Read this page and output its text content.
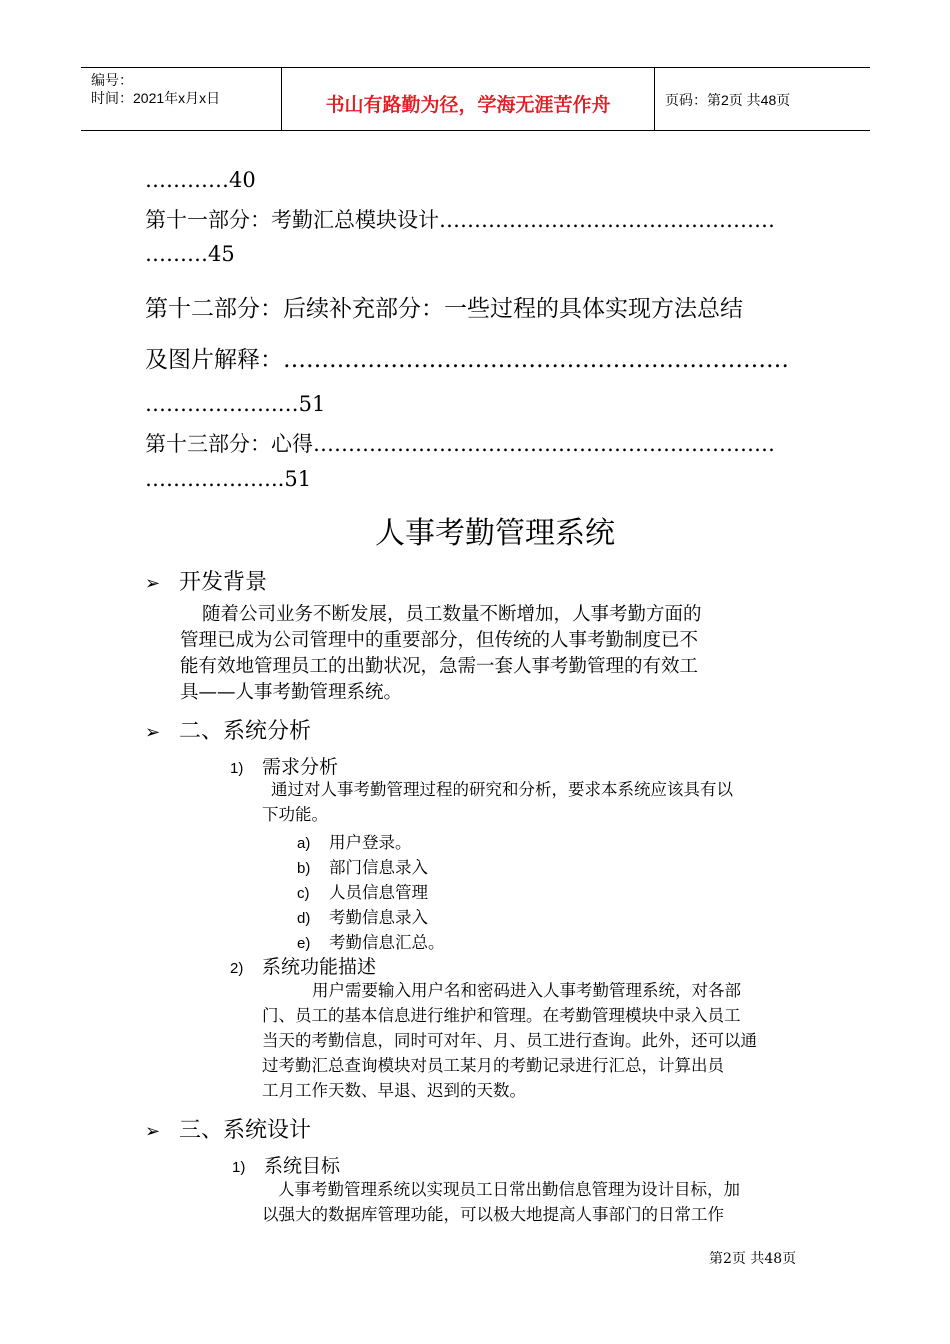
编号：
时间：2021年x月x日	书山有路勤为径，学海无涯苦作舟	页码：第2页 共48页
…………40
第十一部分：考勤汇总模块设计…………………………………………
………45
第十二部分：后续补充部分：一些过程的具体实现方法总结
及图片解释：…………………………………………………………
……………….…51
第十三部分：心得…………………………………………………………
………………..51
人事考勤管理系统
➢ 开发背景
随着公司业务不断发展，员工数量不断增加，人事考勤方面的
管理已成为公司管理中的重要部分，但传统的人事考勤制度已不
能有效地管理员工的出勤状况，急需一套人事考勤管理的有效工
具——人事考勤管理系统。
➢ 二、系统分析
1) 需求分析
通过对人事考勤管理过程的研究和分析，要求本系统应该具有以
下功能。
a) 用户登录。
b) 部门信息录入
c) 人员信息管理
d) 考勤信息录入
e) 考勤信息汇总。
2) 系统功能描述
用户需要输入用户名和密码进入人事考勤管理系统，对各部
门、员工的基本信息进行维护和管理。在考勤管理模块中录入员工
当天的考勤信息，同时可对年、月、员工进行查询。此外，还可以通
过考勤汇总查询模块对员工某月的考勤记录进行汇总，计算出员
工月工作天数、早退、迟到的天数。
➢ 三、系统设计
1) 系统目标
人事考勤管理系统以实现员工日常出勤信息管理为设计目标，加
以强大的数据库管理功能，可以极大地提高人事部门的日常工作
第2页 共48页
